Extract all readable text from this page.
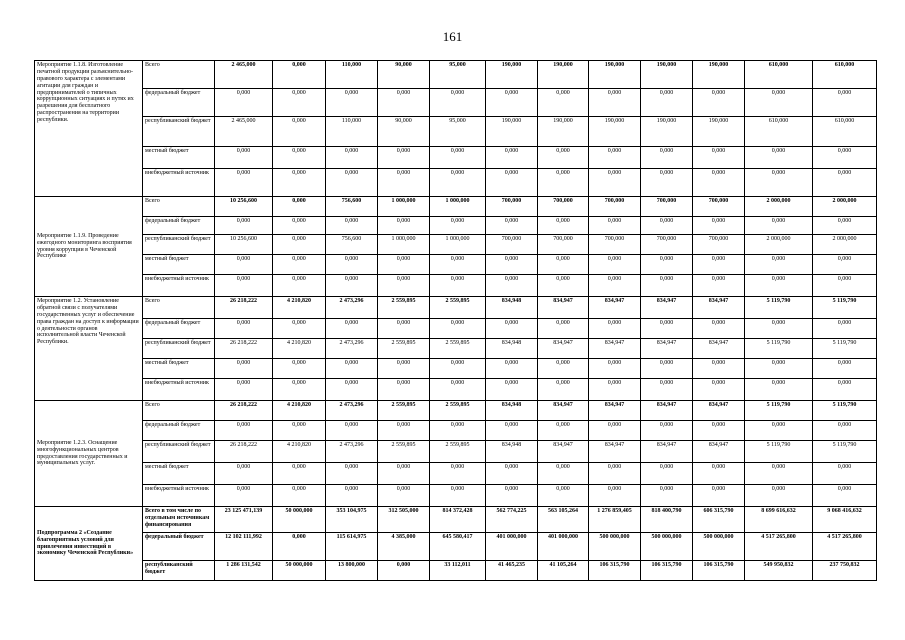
161
Мероприятие 1.1.8. Изготовление печатной продукции разъяснительно-правового характера с элементами агитации для граждан и предпринимателей о типичных коррупционных ситуациях и путях их разрешения для бесплатного распространения на территории республики.	Всего	2 465,000	0,000	110,000	90,000	95,000	190,000	190,000	190,000	190,000	190,000	610,000	610,000
	федеральный бюджет	0,000	0,000	0,000	0,000	0,000	0,000	0,000	0,000	0,000	0,000	0,000	0,000
	республиканский бюджет	2 465,000	0,000	110,000	90,000	95,000	190,000	190,000	190,000	190,000	190,000	610,000	610,000
	местный бюджет	0,000	0,000	0,000	0,000	0,000	0,000	0,000	0,000	0,000	0,000	0,000	0,000
	внебюджетный источник	0,000	0,000	0,000	0,000	0,000	0,000	0,000	0,000	0,000	0,000	0,000	0,000
Мероприятие 1.1.9. Проведение ежегодного мониторинга восприятия уровня коррупции в Чеченской Республике	Всего	10 256,600	0,000	756,600	1 000,000	1 000,000	700,000	700,000	700,000	700,000	700,000	2 000,000	2 000,000
	федеральный бюджет	0,000	0,000	0,000	0,000	0,000	0,000	0,000	0,000	0,000	0,000	0,000	0,000
	республиканский бюджет	10 256,600	0,000	756,600	1 000,000	1 000,000	700,000	700,000	700,000	700,000	700,000	2 000,000	2 000,000
	местный бюджет	0,000	0,000	0,000	0,000	0,000	0,000	0,000	0,000	0,000	0,000	0,000	0,000
	внебюджетный источник	0,000	0,000	0,000	0,000	0,000	0,000	0,000	0,000	0,000	0,000	0,000	0,000
Мероприятие 1.2. Установление обратной связи с получателями государственных услуг и обеспечение права граждан на доступ к информации о деятельности органов исполнительной власти Чеченской Республики.	Всего	26 218,222	4 210,820	2 473,296	2 559,895	2 559,895	834,948	834,947	834,947	834,947	834,947	5 119,790	5 119,790
	федеральный бюджет	0,000	0,000	0,000	0,000	0,000	0,000	0,000	0,000	0,000	0,000	0,000	0,000
	республиканский бюджет	26 218,222	4 210,820	2 473,296	2 559,895	2 559,895	834,948	834,947	834,947	834,947	834,947	5 119,790	5 119,790
	местный бюджет	0,000	0,000	0,000	0,000	0,000	0,000	0,000	0,000	0,000	0,000	0,000	0,000
	внебюджетный источник	0,000	0,000	0,000	0,000	0,000	0,000	0,000	0,000	0,000	0,000	0,000	0,000
Мероприятие 1.2.3. Оснащение многофункциональных центров предоставления государственных и муниципальных услуг.	Всего	26 218,222	4 210,820	2 473,296	2 559,895	2 559,895	834,948	834,947	834,947	834,947	834,947	5 119,790	5 119,790
	федеральный бюджет	0,000	0,000	0,000	0,000	0,000	0,000	0,000	0,000	0,000	0,000	0,000	0,000
	республиканский бюджет	26 218,222	4 210,820	2 473,296	2 559,895	2 559,895	834,948	834,947	834,947	834,947	834,947	5 119,790	5 119,790
	местный бюджет	0,000	0,000	0,000	0,000	0,000	0,000	0,000	0,000	0,000	0,000	0,000	0,000
	внебюджетный источник	0,000	0,000	0,000	0,000	0,000	0,000	0,000	0,000	0,000	0,000	0,000	0,000
Подпрограмма 2 «Создание благоприятных условий для привлечения инвестиций в экономику Чеченской Республики»	Всего в том числе по отдельным источникам финансирования	23 125 471,139	50 000,000	353 104,975	312 505,000	814 372,428	562 774,225	563 105,264	1 276 859,405	818 400,790	606 315,790	8 699 616,632	9 068 416,632
	федеральный бюджет	12 102 111,992	0,000	115 614,975	4 385,000	645 580,417	401 000,000	401 000,000	500 000,000	500 000,000	500 000,000	4 517 265,800	4 517 265,800
	республиканский бюджет	1 286 131,542	50 000,000	13 800,000	0,000	33 112,011	41 465,235	41 105,264	106 315,790	106 315,790	106 315,790	549 950,832	237 750,832
